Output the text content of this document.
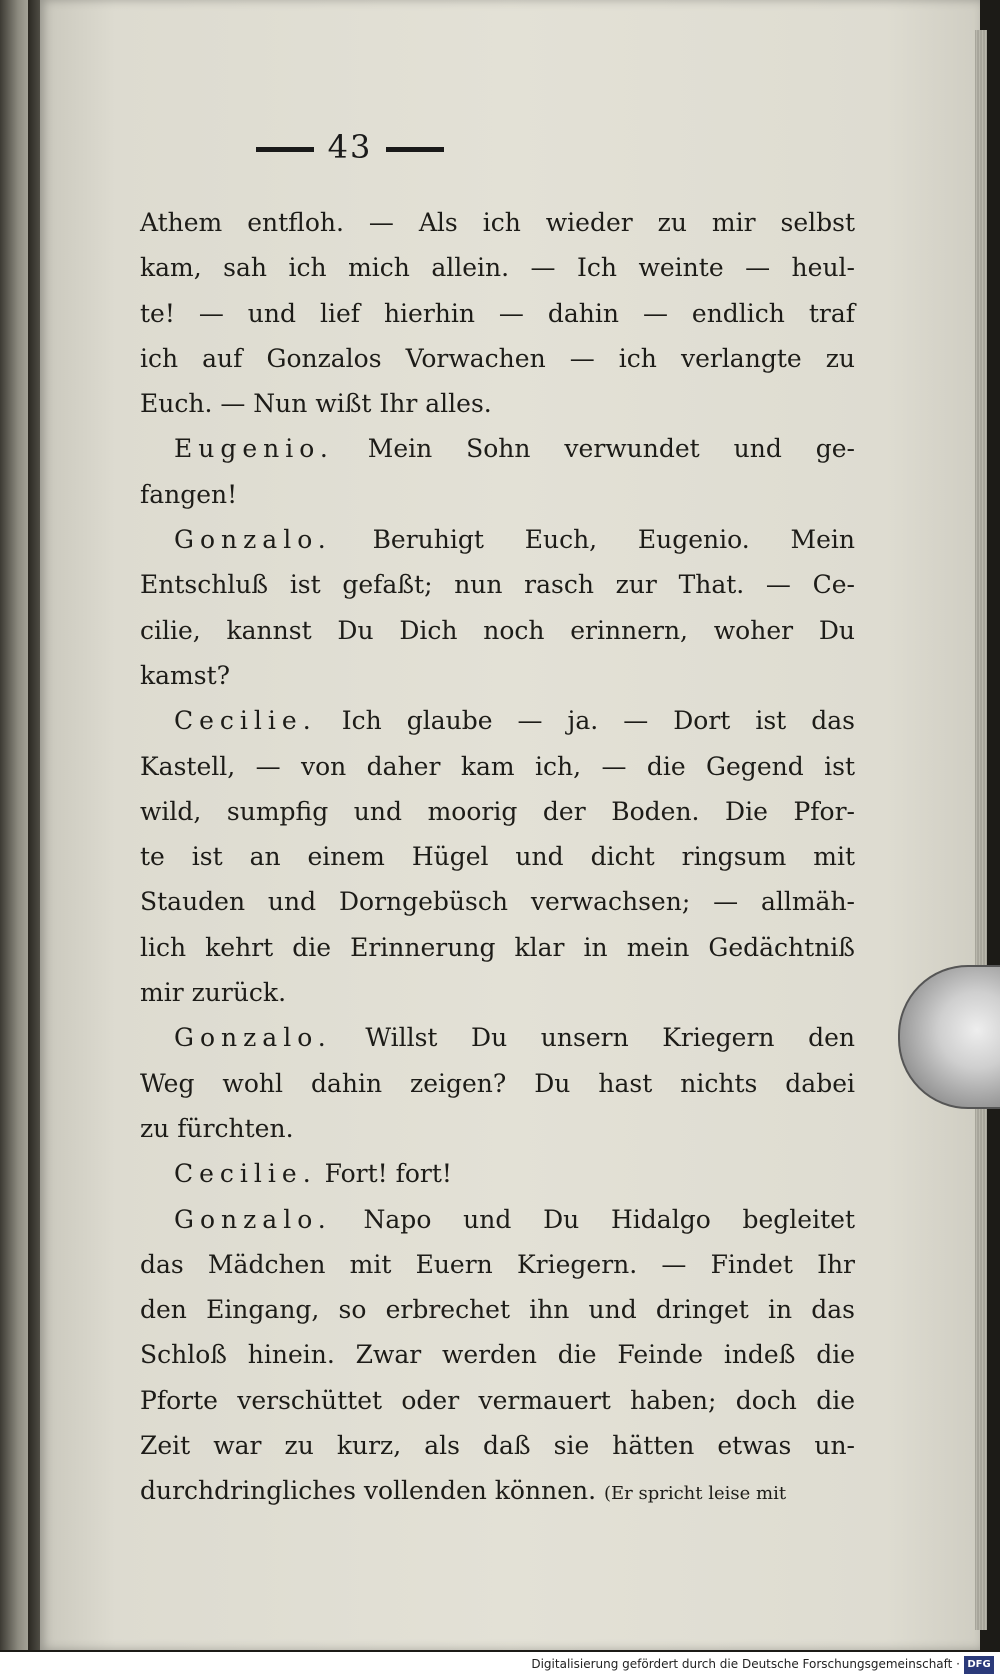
43
Athem entfloh. — Als ich wieder zu mir selbst
kam, sah ich mich allein. — Ich weinte — heul-
te! — und lief hierhin — dahin — endlich traf
ich auf Gonzalos Vorwachen — ich verlangte zu
Euch. — Nun wißt Ihr alles.
Eugenio. Mein Sohn verwundet und ge-
fangen!
Gonzalo. Beruhigt Euch, Eugenio. Mein
Entschluß ist gefaßt; nun rasch zur That. — Ce-
cilie, kannst Du Dich noch erinnern, woher Du
kamst?
Cecilie. Ich glaube — ja. — Dort ist das
Kastell, — von daher kam ich, — die Gegend ist
wild, sumpfig und moorig der Boden. Die Pfor-
te ist an einem Hügel und dicht ringsum mit
Stauden und Dorngebüsch verwachsen; — allmäh-
lich kehrt die Erinnerung klar in mein Gedächtniß
mir zurück.
Gonzalo. Willst Du unsern Kriegern den
Weg wohl dahin zeigen? Du hast nichts dabei
zu fürchten.
Cecilie. Fort! fort!
Gonzalo. Napo und Du Hidalgo begleitet
das Mädchen mit Euern Kriegern. — Findet Ihr
den Eingang, so erbrechet ihn und dringet in das
Schloß hinein. Zwar werden die Feinde indeß die
Pforte verschüttet oder vermauert haben; doch die
Zeit war zu kurz, als daß sie hätten etwas un-
durchdringliches vollenden können. (Er spricht leise mit
Digitalisierung gefördert durch die Deutsche Forschungsgemeinschaft · DFG
